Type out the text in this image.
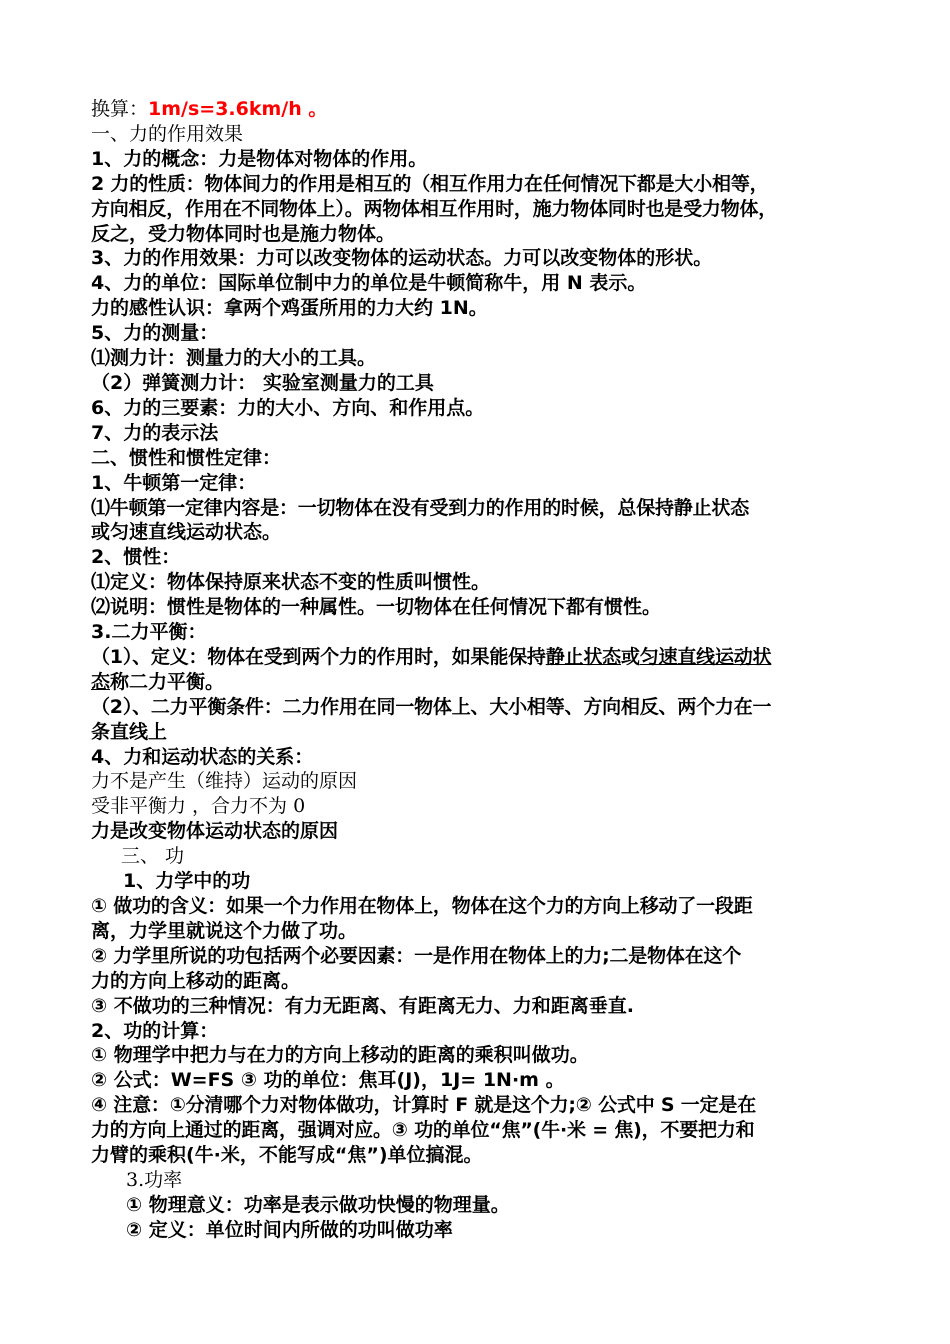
换算：1m/s=3.6km/h 。
一、力的作用效果
1、力的概念：力是物体对物体的作用。
2 力的性质：物体间力的作用是相互的（相互作用力在任何情况下都是大小相等，
方向相反，作用在不同物体上）。两物体相互作用时，施力物体同时也是受力物体，
反之，受力物体同时也是施力物体。
3、力的作用效果：力可以改变物体的运动状态。力可以改变物体的形状。
4、力的单位：国际单位制中力的单位是牛顿简称牛，用 N 表示。
力的感性认识：拿两个鸡蛋所用的力大约 1N。
5、力的测量：
⑴测力计：测量力的大小的工具。
（2）弹簧测力计： 实验室测量力的工具
6、力的三要素：力的大小、方向、和作用点。
7、力的表示法
二、惯性和惯性定律：
1、牛顿第一定律：
⑴牛顿第一定律内容是：一切物体在没有受到力的作用的时候，总保持静止状态
或匀速直线运动状态。
2、惯性：
⑴定义：物体保持原来状态不变的性质叫惯性。
⑵说明：惯性是物体的一种属性。一切物体在任何情况下都有惯性。
3.二力平衡：
（1）、定义：物体在受到两个力的作用时，如果能保持静止状态或匀速直线运动状
态称二力平衡。
（2）、二力平衡条件：二力作用在同一物体上、大小相等、方向相反、两个力在一
条直线上
4、力和运动状态的关系：
力不是产生（维持）运动的原因
受非平衡力 ，合力不为 0
力是改变物体运动状态的原因
三、 功
1、力学中的功
① 做功的含义：如果一个力作用在物体上，物体在这个力的方向上移动了一段距
离，力学里就说这个力做了功。
② 力学里所说的功包括两个必要因素：一是作用在物体上的力;二是物体在这个
力的方向上移动的距离。
③ 不做功的三种情况：有力无距离、有距离无力、力和距离垂直.
2、功的计算：
① 物理学中把力与在力的方向上移动的距离的乘积叫做功。
② 公式：W=FS ③ 功的单位：焦耳(J)，1J= 1N·m 。
④ 注意：①分清哪个力对物体做功，计算时 F 就是这个力;② 公式中 S 一定是在
力的方向上通过的距离，强调对应。③ 功的单位“焦”(牛·米 = 焦)，不要把力和
力臂的乘积(牛·米，不能写成“焦”)单位搞混。
3.功率
① 物理意义：功率是表示做功快慢的物理量。
② 定义：单位时间内所做的功叫做功率
